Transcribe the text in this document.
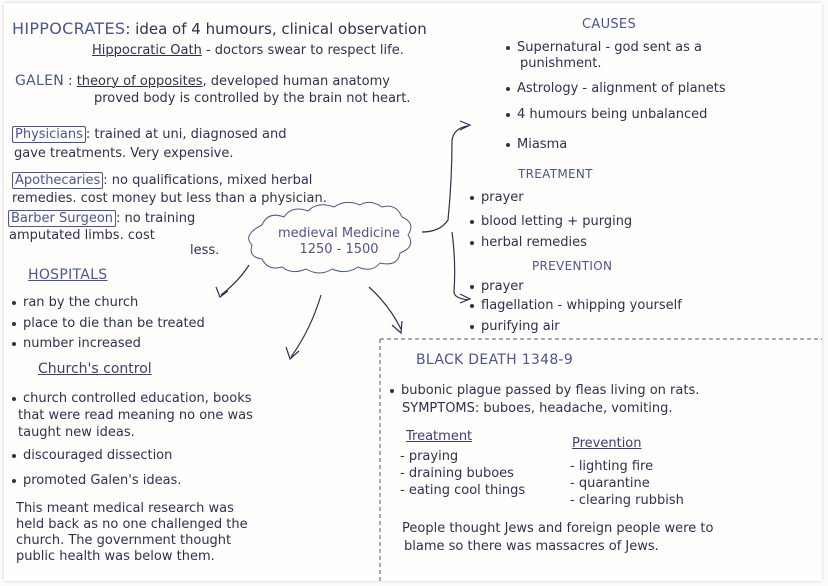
HIPPOCRATES: idea of 4 humours, clinical observation
Hippocratic Oath - doctors swear to respect life.
GALEN : theory of opposites, developed human anatomy
proved body is controlled by the brain not heart.
Physicians : trained at uni, diagnosed and
gave treatments. Very expensive.
Apothecaries : no qualifications, mixed herbal
remedies. cost money but less than a physician.
Barber Surgeon : no training
amputated limbs. cost
less.
medieval Medicine
1250 - 1500
CAUSES
Supernatural - god sent as a
punishment.
Astrology - alignment of planets
4 humours being unbalanced
Miasma
TREATMENT
prayer
blood letting + purging
herbal remedies
PREVENTION
prayer
flagellation - whipping yourself
purifying air
HOSPITALS
ran by the church
place to die than be treated
number increased
Church's control
church controlled education, books
that were read meaning no one was
taught new ideas.
discouraged dissection
promoted Galen's ideas.
This meant medical research was
held back as no one challenged the
church. The government thought
public health was below them.
BLACK DEATH 1348-9
bubonic plague passed by fleas living on rats.
SYMPTOMS: buboes, headache, vomiting.
Treatment
- praying
- draining buboes
- eating cool things
Prevention
- lighting fire
- quarantine
- clearing rubbish
People thought Jews and foreign people were to
blame so there was massacres of Jews.
